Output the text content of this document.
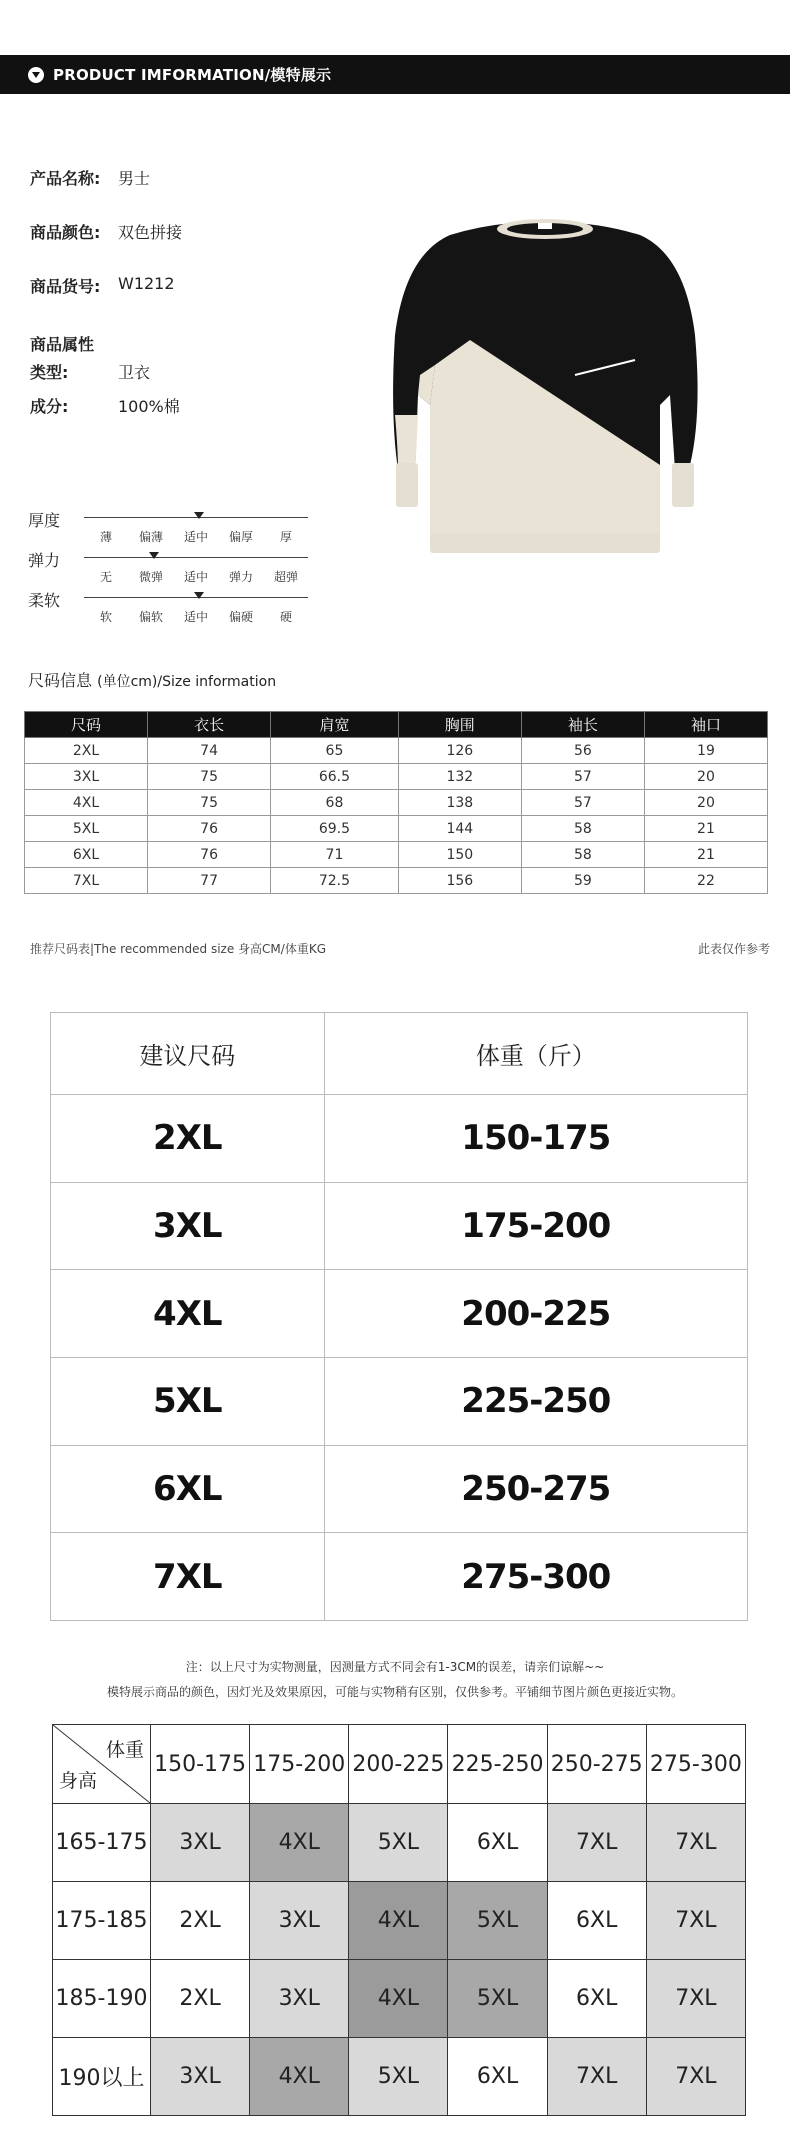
PRODUCT IMFORMATION/模特展示
产品名称: 男士
商品颜色: 双色拼接
商品货号: W1212
商品属性
类型:	卫衣
成分:	100%棉
厚度
薄	偏薄	适中	偏厚	厚
弹力
无	微弹	适中	弹力	超弹
柔软
软	偏软	适中	偏硬	硬
尺码信息 (单位cm)/Size information
尺码	衣长	肩宽	胸围	袖长	袖口
2XL	74	65	126	56	19
3XL	75	66.5	132	57	20
4XL	75	68	138	57	20
5XL	76	69.5	144	58	21
6XL	76	71	150	58	21
7XL	77	72.5	156	59	22
推荐尺码表|The recommended size 身高CM/体重KG	此表仅作参考
建议尺码	体重（斤）
2XL	150-175
3XL	175-200
4XL	200-225
5XL	225-250
6XL	250-275
7XL	275-300
注：以上尺寸为实物测量，因测量方式不同会有1-3CM的误差，请亲们谅解~~
模特展示商品的颜色，因灯光及效果原因，可能与实物稍有区别，仅供参考。平铺细节图片颜色更接近实物。
体重
身高	150-175	175-200	200-225	225-250	250-275	275-300
165-175	3XL	4XL	5XL	6XL	7XL	7XL
175-185	2XL	3XL	4XL	5XL	6XL	7XL
185-190	2XL	3XL	4XL	5XL	6XL	7XL
190以上	3XL	4XL	5XL	6XL	7XL	7XL
